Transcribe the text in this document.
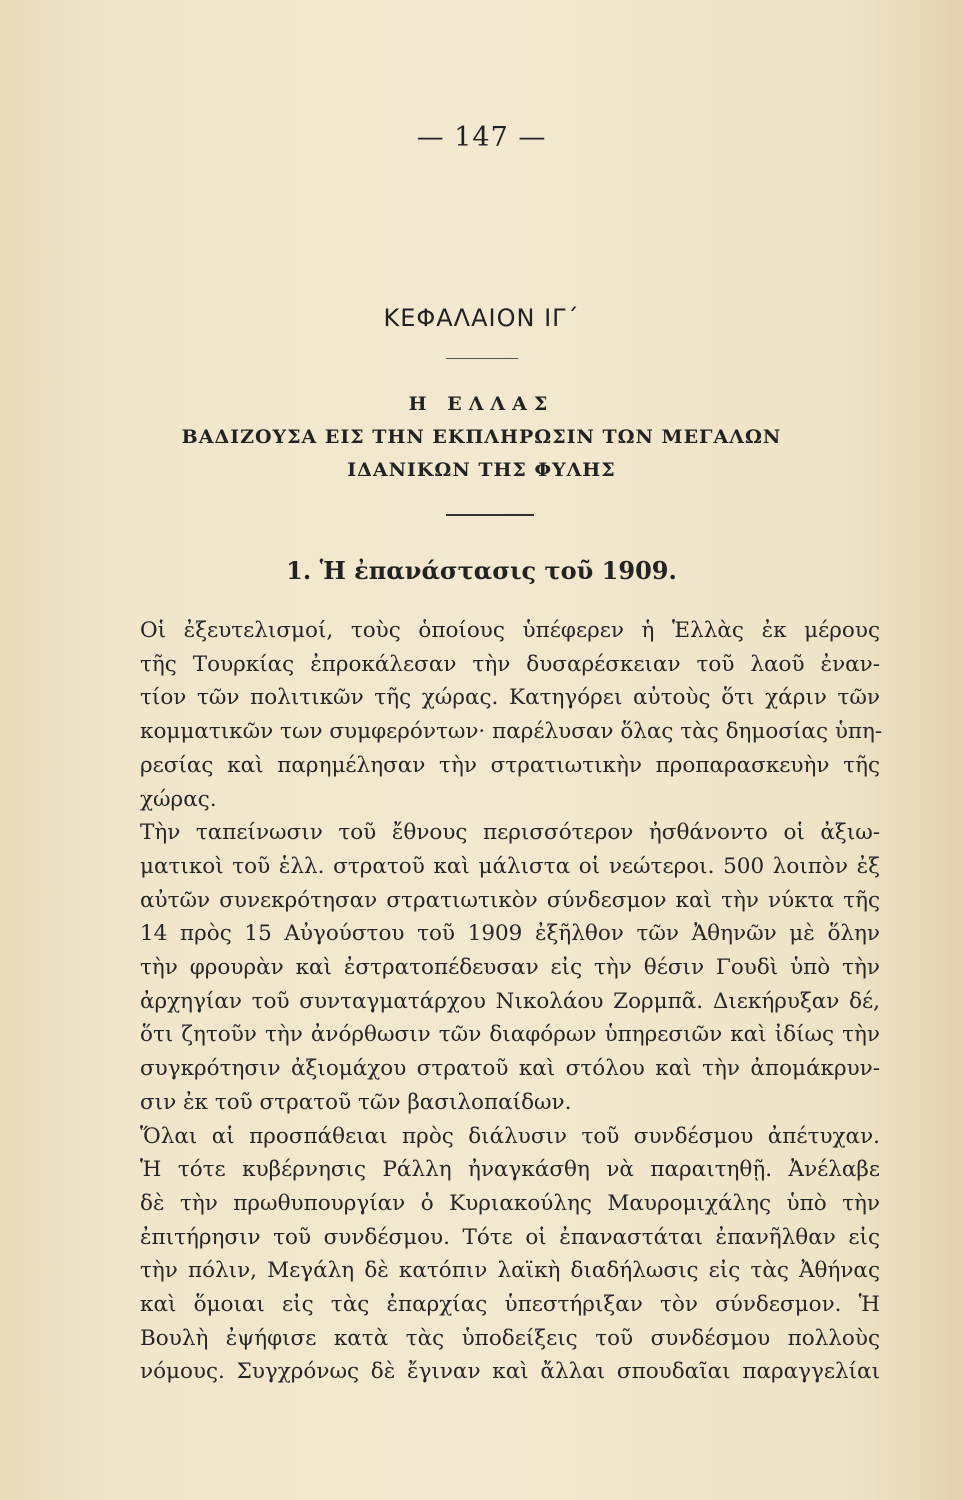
— 147 —
ΚΕΦΑΛΑΙΟΝ ΙΓ΄
Η ΕΛΛΑΣ
ΒΑΔΙΖΟΥΣΑ ΕΙΣ ΤΗΝ ΕΚΠΛΗΡΩΣΙΝ ΤΩΝ ΜΕΓΑΛΩΝ
ΙΔΑΝΙΚΩΝ ΤΗΣ ΦΥΛΗΣ
1. Ἡ ἐπανάστασις τοῦ 1909.
Οἱ ἐξευτελισμοί, τοὺς ὁποίους ὑπέφερεν ἡ Ἑλλὰς ἐκ μέρους
τῆς Τουρκίας ἐπροκάλεσαν τὴν δυσαρέσκειαν τοῦ λαοῦ ἐναν-
τίον τῶν πολιτικῶν τῆς χώρας. Κατηγόρει αὐτοὺς ὅτι χάριν τῶν
κομματικῶν των συμφερόντων· παρέλυσαν ὅλας τὰς δημοσίας ὑπη-
ρεσίας καὶ παρημέλησαν τὴν στρατιωτικὴν προπαρασκευὴν τῆς
χώρας.
Τὴν ταπείνωσιν τοῦ ἔθνους περισσότερον ἠσθάνοντο οἱ ἀξιω-
ματικοὶ τοῦ ἑλλ. στρατοῦ καὶ μάλιστα οἱ νεώτεροι. 500 λοιπὸν ἐξ
αὐτῶν συνεκρότησαν στρατιωτικὸν σύνδεσμον καὶ τὴν νύκτα τῆς
14 πρὸς 15 Αὐγούστου τοῦ 1909 ἐξῆλθον τῶν Ἀθηνῶν μὲ ὅλην
τὴν φρουρὰν καὶ ἐστρατοπέδευσαν εἰς τὴν θέσιν Γουδὶ ὑπὸ τὴν
ἀρχηγίαν τοῦ συνταγματάρχου Νικολάου Ζορμπᾶ. Διεκήρυξαν δέ,
ὅτι ζητοῦν τὴν ἀνόρθωσιν τῶν διαφόρων ὑπηρεσιῶν καὶ ἰδίως τὴν
συγκρότησιν ἀξιομάχου στρατοῦ καὶ στόλου καὶ τὴν ἀπομάκρυν-
σιν ἐκ τοῦ στρατοῦ τῶν βασιλοπαίδων.
Ὅλαι αἱ προσπάθειαι πρὸς διάλυσιν τοῦ συνδέσμου ἀπέτυχαν.
Ἡ τότε κυβέρνησις Ράλλη ἠναγκάσθη νὰ παραιτηθῇ. Ἀνέλαβε
δὲ τὴν πρωθυπουργίαν ὁ Κυριακούλης Μαυρομιχάλης ὑπὸ τὴν
ἐπιτήρησιν τοῦ συνδέσμου. Τότε οἱ ἐπαναστάται ἐπανῆλθαν εἰς
τὴν πόλιν, Μεγάλη δὲ κατόπιν λαϊκὴ διαδήλωσις εἰς τὰς Ἀθήνας
καὶ ὅμοιαι εἰς τὰς ἐπαρχίας ὑπεστήριξαν τὸν σύνδεσμον. Ἡ
Βουλὴ ἐψήφισε κατὰ τὰς ὑποδείξεις τοῦ συνδέσμου πολλοὺς
νόμους. Συγχρόνως δὲ ἔγιναν καὶ ἄλλαι σπουδαῖαι παραγγελίαι
